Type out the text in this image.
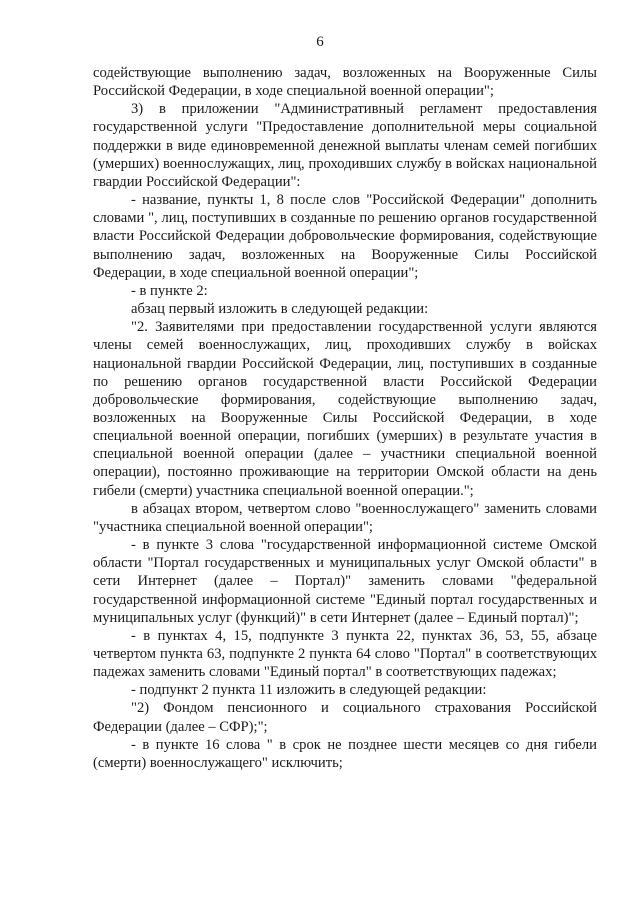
6

содействующие выполнению задач, возложенных на Вооруженные Силы Российской Федерации, в ходе специальной военной операции";

3) в приложении "Административный регламент предоставления государственной услуги "Предоставление дополнительной меры социальной поддержки в виде единовременной денежной выплаты членам семей погибших (умерших) военнослужащих, лиц, проходивших службу в войсках национальной гвардии Российской Федерации":

- название, пункты 1, 8 после слов "Российской Федерации" дополнить словами ", лиц, поступивших в созданные по решению органов государственной власти Российской Федерации добровольческие формирования, содействующие выполнению задач, возложенных на Вооруженные Силы Российской Федерации, в ходе специальной военной операции";

- в пункте 2:

абзац первый изложить в следующей редакции:

"2. Заявителями при предоставлении государственной услуги являются члены семей военнослужащих, лиц, проходивших службу в войсках национальной гвардии Российской Федерации, лиц, поступивших в созданные по решению органов государственной власти Российской Федерации добровольческие формирования, содействующие выполнению задач, возложенных на Вооруженные Силы Российской Федерации, в ходе специальной военной операции, погибших (умерших) в результате участия в специальной военной операции (далее – участники специальной военной операции), постоянно проживающие на территории Омской области на день гибели (смерти) участника специальной военной операции.";

в абзацах втором, четвертом слово "военнослужащего" заменить словами "участника специальной военной операции";

- в пункте 3 слова "государственной информационной системе Омской области "Портал государственных и муниципальных услуг Омской области" в сети Интернет (далее – Портал)" заменить словами "федеральной государственной информационной системе "Единый портал государственных и муниципальных услуг (функций)" в сети Интернет (далее – Единый портал)";

- в пунктах 4, 15, подпункте 3 пункта 22, пунктах 36, 53, 55, абзаце четвертом пункта 63, подпункте 2 пункта 64 слово "Портал" в соответствующих падежах заменить словами "Единый портал" в соответствующих падежах;

- подпункт 2 пункта 11 изложить в следующей редакции:

"2) Фондом пенсионного и социального страхования Российской Федерации (далее – СФР);";

- в пункте 16 слова " в срок не позднее шести месяцев со дня гибели (смерти) военнослужащего" исключить;
